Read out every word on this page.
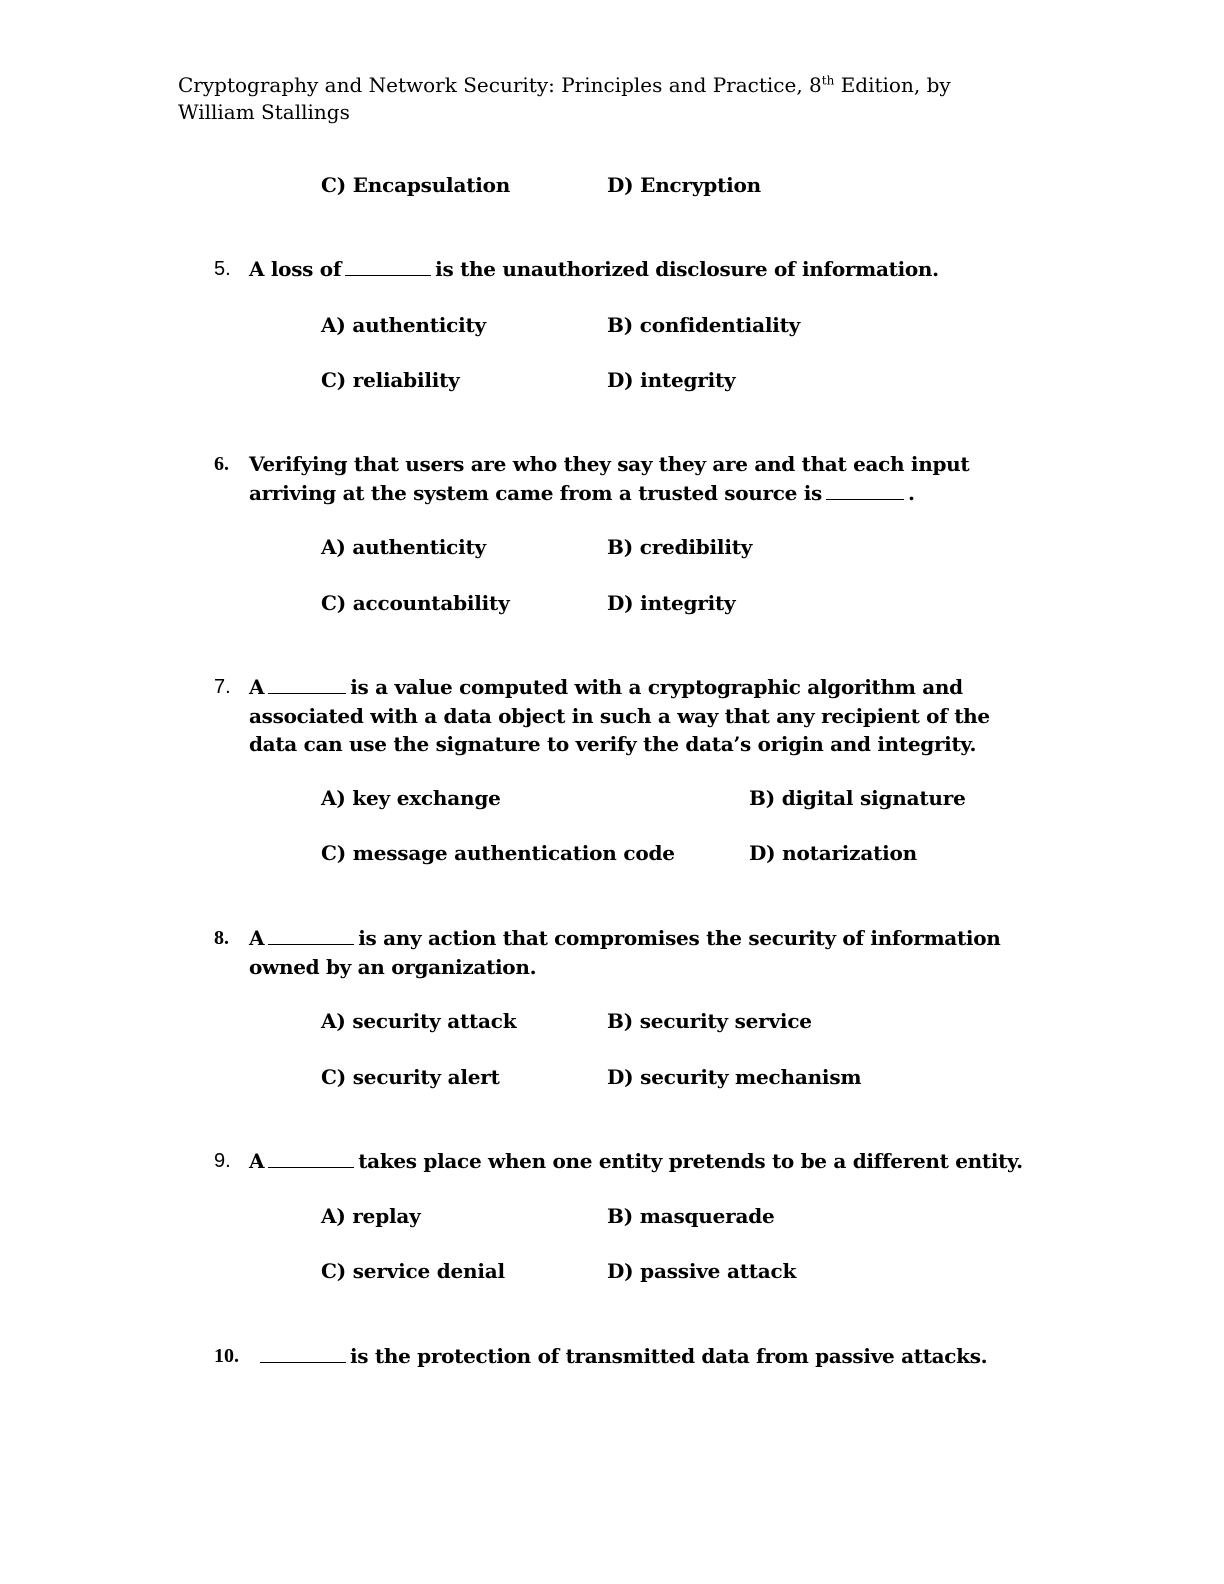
Cryptography and Network Security: Principles and Practice, 8th Edition, by William Stallings
C) Encapsulation	D) Encryption
5. A loss of	is the unauthorized disclosure of information.
A) authenticity	B) confidentiality
C) reliability	D) integrity
6. Verifying that users are who they say they are and that each input arriving at the system came from a trusted source is	.
A) authenticity	B) credibility
C) accountability	D) integrity
7. A	is a value computed with a cryptographic algorithm and associated with a data object in such a way that any recipient of the data can use the signature to verify the data’s origin and integrity.
A) key exchange	B) digital signature
C) message authentication code	D) notarization
8. A	is any action that compromises the security of information owned by an organization.
A) security attack	B) security service
C) security alert	D) security mechanism
9. A	takes place when one entity pretends to be a different entity.
A) replay	B) masquerade
C) service denial	D) passive attack
10.	is the protection of transmitted data from passive attacks.
